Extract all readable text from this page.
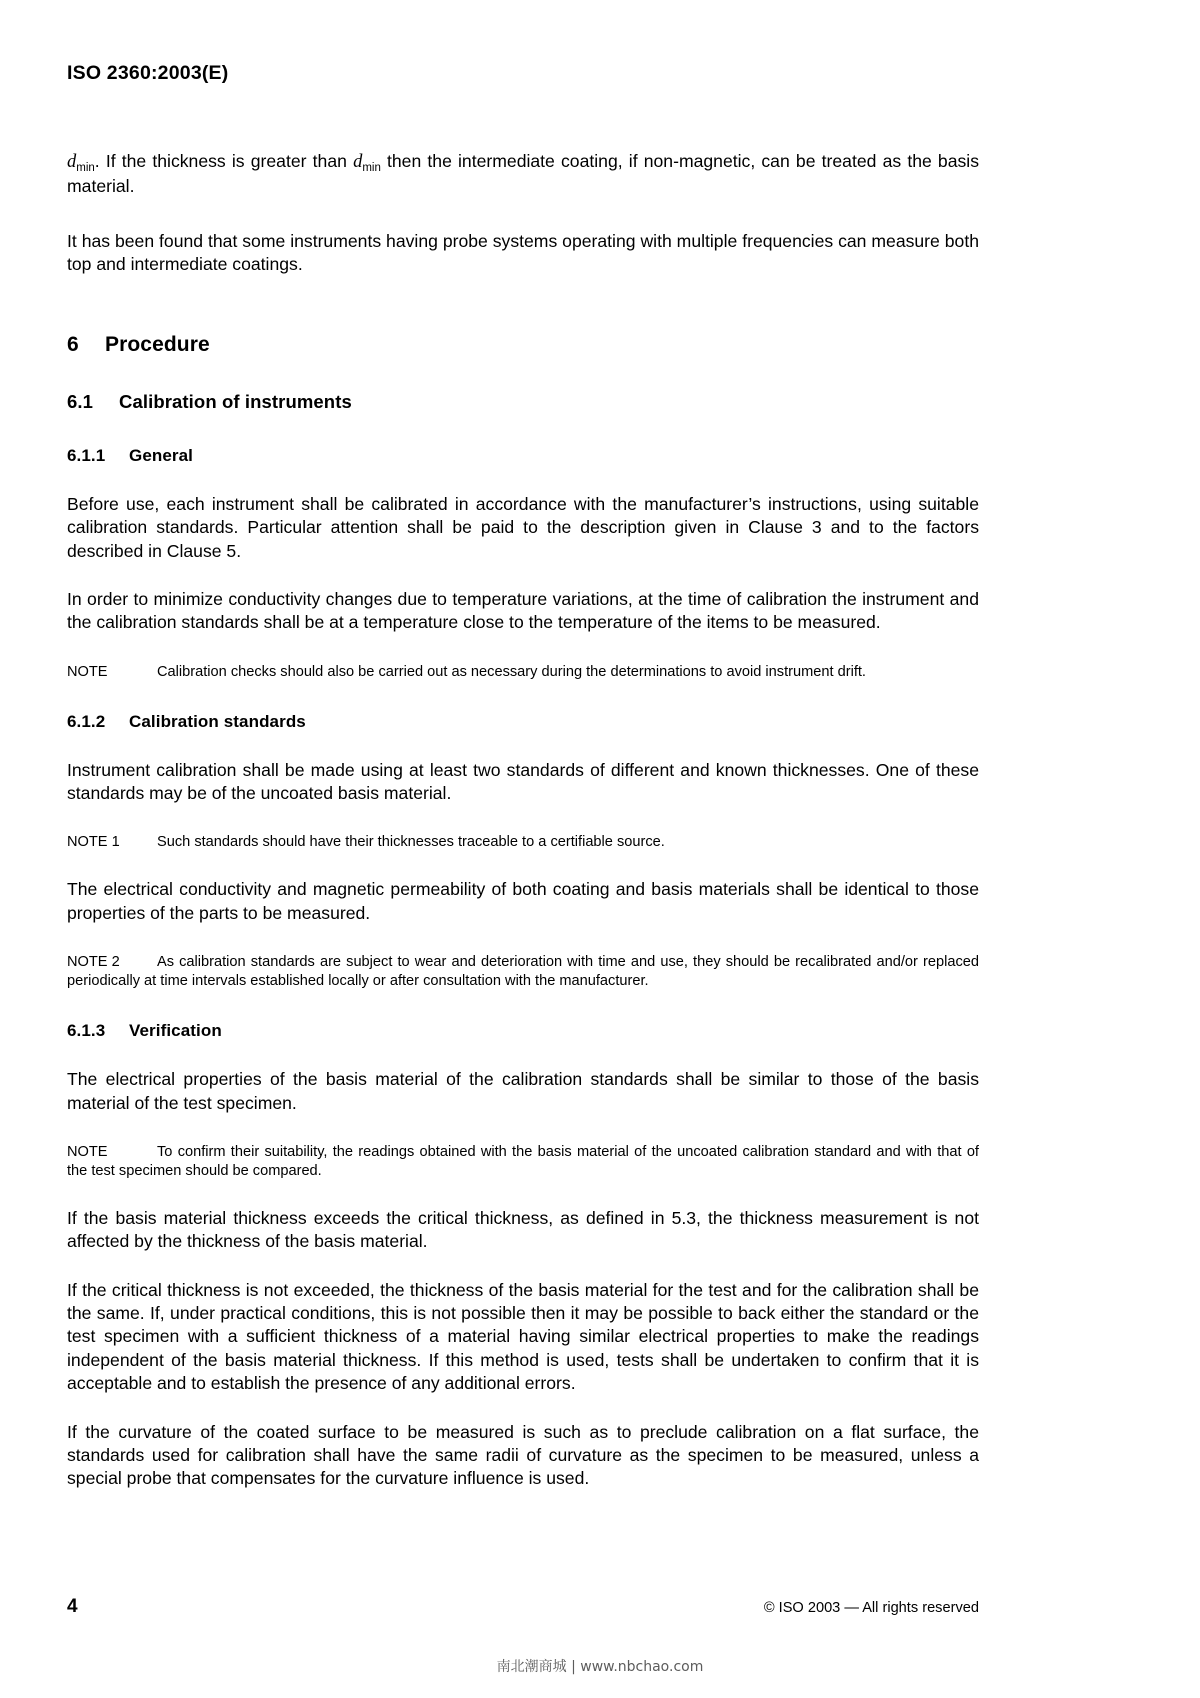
ISO 2360:2003(E)

$d_{min}$. If the thickness is greater than $d_{min}$ then the intermediate coating, if non-magnetic, can be treated as the basis material.

It has been found that some instruments having probe systems operating with multiple frequencies can measure both top and intermediate coatings.

6 Procedure
6.1 Calibration of instruments
6.1.1 General

Before use, each instrument shall be calibrated in accordance with the manufacturer’s instructions, using suitable calibration standards. Particular attention shall be paid to the description given in Clause 3 and to the factors described in Clause 5.

In order to minimize conductivity changes due to temperature variations, at the time of calibration the instrument and the calibration standards shall be at a temperature close to the temperature of the items to be measured.

NOTE	Calibration checks should also be carried out as necessary during the determinations to avoid instrument drift.

6.1.2 Calibration standards

Instrument calibration shall be made using at least two standards of different and known thicknesses. One of these standards may be of the uncoated basis material.

NOTE 1	Such standards should have their thicknesses traceable to a certifiable source.

The electrical conductivity and magnetic permeability of both coating and basis materials shall be identical to those properties of the parts to be measured.

NOTE 2	As calibration standards are subject to wear and deterioration with time and use, they should be recalibrated and/or replaced periodically at time intervals established locally or after consultation with the manufacturer.

6.1.3 Verification

The electrical properties of the basis material of the calibration standards shall be similar to those of the basis material of the test specimen.

NOTE	To confirm their suitability, the readings obtained with the basis material of the uncoated calibration standard and with that of the test specimen should be compared.

If the basis material thickness exceeds the critical thickness, as defined in 5.3, the thickness measurement is not affected by the thickness of the basis material.

If the critical thickness is not exceeded, the thickness of the basis material for the test and for the calibration shall be the same. If, under practical conditions, this is not possible then it may be possible to back either the standard or the test specimen with a sufficient thickness of a material having similar electrical properties to make the readings independent of the basis material thickness. If this method is used, tests shall be undertaken to confirm that it is acceptable and to establish the presence of any additional errors.

If the curvature of the coated surface to be measured is such as to preclude calibration on a flat surface, the standards used for calibration shall have the same radii of curvature as the specimen to be measured, unless a special probe that compensates for the curvature influence is used.

4	© ISO 2003 — All rights reserved
南北潮商城 | www.nbchao.com
